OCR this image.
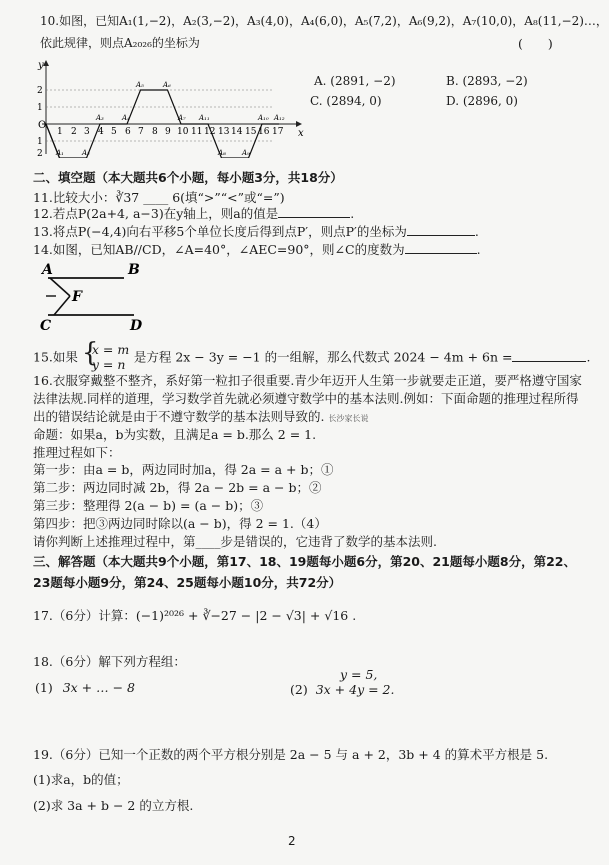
10.如图，已知A₁(1,−2)，A₂(3,−2)，A₃(4,0)，A₄(6,0)，A₅(7,2)，A₆(9,2)，A₇(10,0)，A₈(11,−2)…，
依此规律，则点A₂₀₂₆的坐标为	(　　)
O
x
y
2
1
1
2
1 2 3 4 5 6 7 8 9 10 11 12 13 14 15 16 17
A₁	A₂
A₃	A₄
A₅	A₆
A₇
A₈ A₉
A₁₀
A₁₁	A₁₂
A. (2891, −2)	B. (2893, −2)
C. (2894, 0)	D. (2896, 0)
二、填空题（本大题共6个小题，每小题3分，共18分）
11.比较大小：∛37 ____ 6(填“>”“<”或“=”)
12.若点P(2a+4, a−3)在y轴上，则a的值是	.
13.将点P(−4,4)向右平移5个单位长度后得到点P′，则点P′的坐标为	.
14.如图，已知AB//CD，∠A=40°，∠AEC=90°，则∠C的度数为	.
A	B
F
C	D
15.如果 {
x = m
y = n 是方程 2x − 3y = −1 的一组解，那么代数式 2024 − 4m + 6n =	.
16.衣服穿戴整不整齐，系好第一粒扣子很重要.青少年迈开人生第一步就要走正道，要严格遵守国家
法律法规.同样的道理，学习数学首先就必须遵守数学中的基本法则.例如：下面命题的推理过程所得
出的错误结论就是由于不遵守数学的基本法则导致的. 长沙家长说
命题：如果a，b为实数，且满足a = b.那么 2 = 1.
推理过程如下：
第一步：由a = b，两边同时加a，得 2a = a + b；①
第二步：两边同时减 2b，得 2a − 2b = a − b；②
第三步：整理得 2(a − b) = (a − b)；③
第四步：把③两边同时除以(a − b)，得 2 = 1.（4）
请你判断上述推理过程中，第____步是错误的，它违背了数学的基本法则.
三、解答题（本大题共9个小题，第17、18、19题每小题6分，第20、21题每小题8分，第22、
23题每小题9分，第24、25题每小题10分，共72分）
17.（6分）计算：(−1)²⁰²⁶ + ∛−27 − |2 − √3| + √16 .
18.（6分）解下列方程组：
(1) 3x + … − 8
y = 5,
(2) 3x + 4y = 2.
19.（6分）已知一个正数的两个平方根分别是 2a − 5 与 a + 2，3b + 4 的算术平方根是 5.
(1)求a，b的值；
(2)求 3a + b − 2 的立方根.
2
